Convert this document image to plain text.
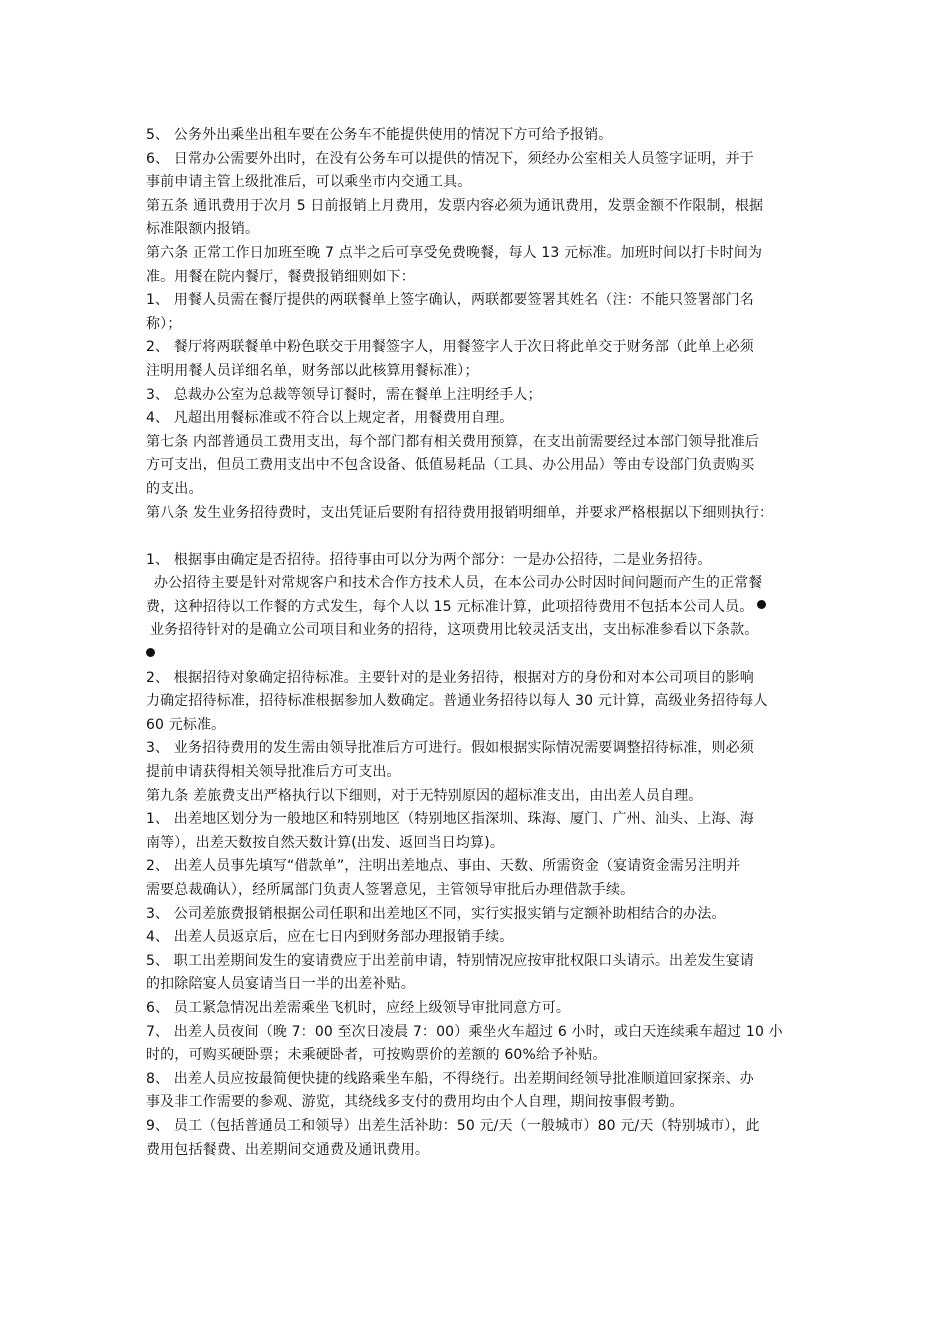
5、 公务外出乘坐出租车要在公务车不能提供使用的情况下方可给予报销。
6、 日常办公需要外出时，在没有公务车可以提供的情况下，须经办公室相关人员签字证明，并于
事前申请主管上级批准后，可以乘坐市内交通工具。
第五条 通讯费用于次月 5 日前报销上月费用，发票内容必须为通讯费用，发票金额不作限制，根据
标准限额内报销。
第六条 正常工作日加班至晚 7 点半之后可享受免费晚餐，每人 13 元标准。加班时间以打卡时间为
准。用餐在院内餐厅，餐费报销细则如下：
1、 用餐人员需在餐厅提供的两联餐单上签字确认，两联都要签署其姓名（注：不能只签署部门名
称）；
2、 餐厅将两联餐单中粉色联交于用餐签字人，用餐签字人于次日将此单交于财务部（此单上必须
注明用餐人员详细名单，财务部以此核算用餐标准）；
3、 总裁办公室为总裁等领导订餐时，需在餐单上注明经手人；
4、 凡超出用餐标准或不符合以上规定者，用餐费用自理。
第七条 内部普通员工费用支出，每个部门都有相关费用预算，在支出前需要经过本部门领导批准后
方可支出，但员工费用支出中不包含设备、低值易耗品（工具、办公用品）等由专设部门负责购买
的支出。
第八条 发生业务招待费时，支出凭证后要附有招待费用报销明细单，并要求严格根据以下细则执行：
1、 根据事由确定是否招待。招待事由可以分为两个部分：一是办公招待，二是业务招待。
办公招待主要是针对常规客户和技术合作方技术人员，在本公司办公时因时间问题而产生的正常餐
费，这种招待以工作餐的方式发生，每个人以 15 元标准计算，此项招待费用不包括本公司人员。
业务招待针对的是确立公司项目和业务的招待，这项费用比较灵活支出，支出标准参看以下条款。
2、 根据招待对象确定招待标准。主要针对的是业务招待，根据对方的身份和对本公司项目的影响
力确定招待标准，招待标准根据参加人数确定。普通业务招待以每人 30 元计算，高级业务招待每人
60 元标准。
3、 业务招待费用的发生需由领导批准后方可进行。假如根据实际情况需要调整招待标准，则必须
提前申请获得相关领导批准后方可支出。
第九条 差旅费支出严格执行以下细则，对于无特别原因的超标准支出，由出差人员自理。
1、 出差地区划分为一般地区和特别地区（特别地区指深圳、珠海、厦门、广州、汕头、上海、海
南等），出差天数按自然天数计算(出发、返回当日均算)。
2、 出差人员事先填写“借款单”，注明出差地点、事由、天数、所需资金（宴请资金需另注明并
需要总裁确认），经所属部门负责人签署意见，主管领导审批后办理借款手续。
3、 公司差旅费报销根据公司任职和出差地区不同，实行实报实销与定额补助相结合的办法。
4、 出差人员返京后，应在七日内到财务部办理报销手续。
5、 职工出差期间发生的宴请费应于出差前申请，特别情况应按审批权限口头请示。出差发生宴请
的扣除陪宴人员宴请当日一半的出差补贴。
6、 员工紧急情况出差需乘坐飞机时，应经上级领导审批同意方可。
7、 出差人员夜间（晚 7：00 至次日凌晨 7：00）乘坐火车超过 6 小时，或白天连续乘车超过 10 小
时的，可购买硬卧票；未乘硬卧者，可按购票价的差额的 60%给予补贴。
8、 出差人员应按最简便快捷的线路乘坐车船，不得绕行。出差期间经领导批准顺道回家探亲、办
事及非工作需要的参观、游览，其绕线多支付的费用均由个人自理，期间按事假考勤。
9、 员工（包括普通员工和领导）出差生活补助：50 元/天（一般城市）80 元/天（特别城市），此
费用包括餐费、出差期间交通费及通讯费用。
